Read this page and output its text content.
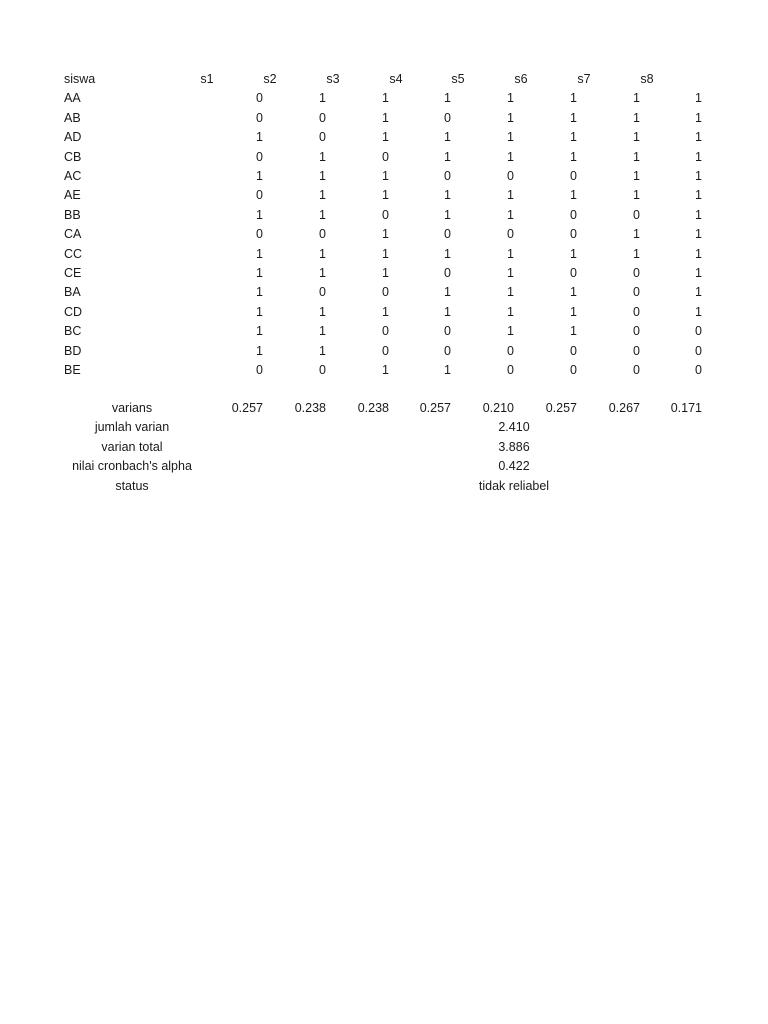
siswa	s1	s2	s3	s4	s5	s6	s7	s8
AA	0	1	1	1	1	1	1	1
AB	0	0	1	0	1	1	1	1
AD	1	0	1	1	1	1	1	1
CB	0	1	0	1	1	1	1	1
AC	1	1	1	0	0	0	1	1
AE	0	1	1	1	1	1	1	1
BB	1	1	0	1	1	0	0	1
CA	0	0	1	0	0	0	1	1
CC	1	1	1	1	1	1	1	1
CE	1	1	1	0	1	0	0	1
BA	1	0	0	1	1	1	0	1
CD	1	1	1	1	1	1	0	1
BC	1	1	0	0	1	1	0	0
BD	1	1	0	0	0	0	0	0
BE	0	0	1	1	0	0	0	0
varians	0.257	0.238	0.238	0.257	0.210	0.257	0.267	0.171
jumlah varian	2.410
varian total	3.886
nilai cronbach's alpha	0.422
status	tidak reliabel
